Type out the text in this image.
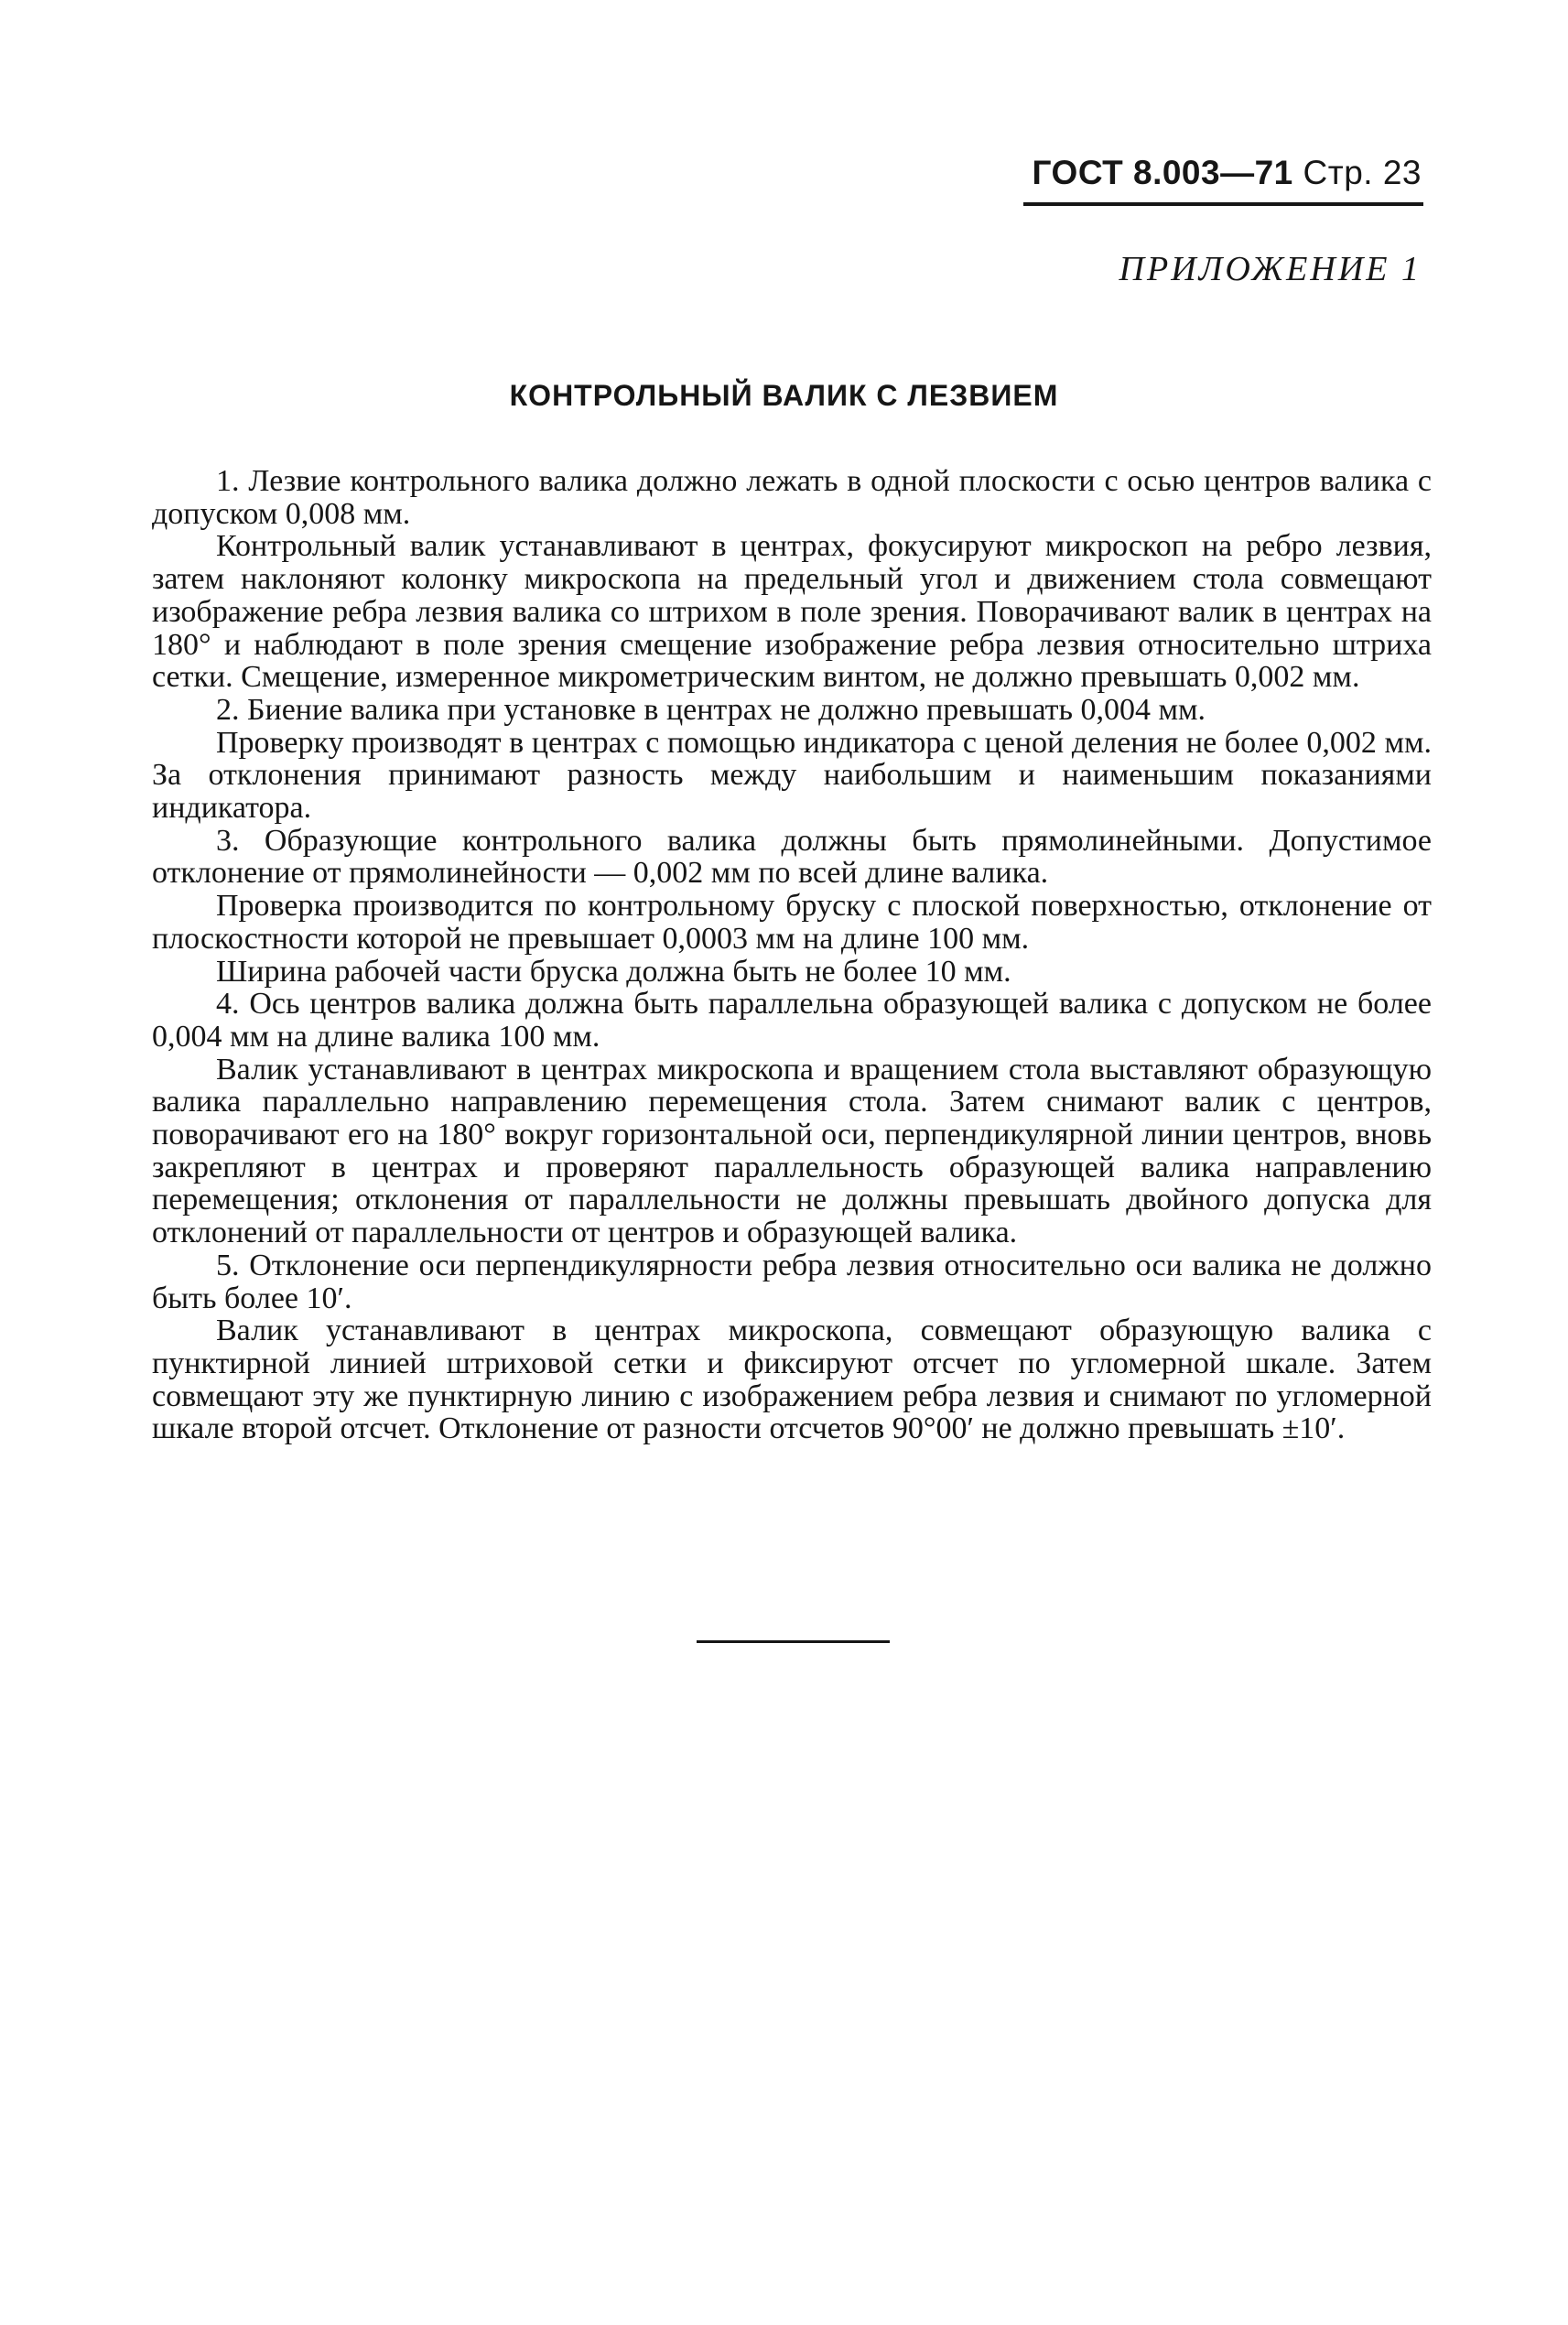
ГОСТ 8.003—71 Стр. 23
ПРИЛОЖЕНИЕ 1
КОНТРОЛЬНЫЙ ВАЛИК С ЛЕЗВИЕМ

1. Лезвие контрольного валика должно лежать в одной плоскости с осью центров валика с допуском 0,008 мм.

Контрольный валик устанавливают в центрах, фокусируют микроскоп на ребро лезвия, затем наклоняют колонку микроскопа на предельный угол и движением стола совмещают изображение ребра лезвия валика со штрихом в поле зрения. Поворачивают валик в центрах на 180° и наблюдают в поле зрения смещение изображение ребра лезвия относительно штриха сетки. Смещение, измеренное микрометрическим винтом, не должно превышать 0,002 мм.

2. Биение валика при установке в центрах не должно превышать 0,004 мм.

Проверку производят в центрах с помощью индикатора с ценой деления не более 0,002 мм. За отклонения принимают разность между наибольшим и наименьшим показаниями индикатора.

3. Образующие контрольного валика должны быть прямолинейными. Допустимое отклонение от прямолинейности — 0,002 мм по всей длине валика.

Проверка производится по контрольному бруску с плоской поверхностью, отклонение от плоскостности которой не превышает 0,0003 мм на длине 100 мм.

Ширина рабочей части бруска должна быть не более 10 мм.

4. Ось центров валика должна быть параллельна образующей валика с допуском не более 0,004 мм на длине валика 100 мм.

Валик устанавливают в центрах микроскопа и вращением стола выставляют образующую валика параллельно направлению перемещения стола. Затем снимают валик с центров, поворачивают его на 180° вокруг горизонтальной оси, перпендикулярной линии центров, вновь закрепляют в центрах и проверяют параллельность образующей валика направлению перемещения; отклонения от параллельности не должны превышать двойного допуска для отклонений от параллельности от центров и образующей валика.

5. Отклонение оси перпендикулярности ребра лезвия относительно оси валика не должно быть более 10′.

Валик устанавливают в центрах микроскопа, совмещают образующую валика с пунктирной линией штриховой сетки и фиксируют отсчет по угломерной шкале. Затем совмещают эту же пунктирную линию с изображением ребра лезвия и снимают по угломерной шкале второй отсчет. Отклонение от разности отсчетов 90°00′ не должно превышать ±10′.
